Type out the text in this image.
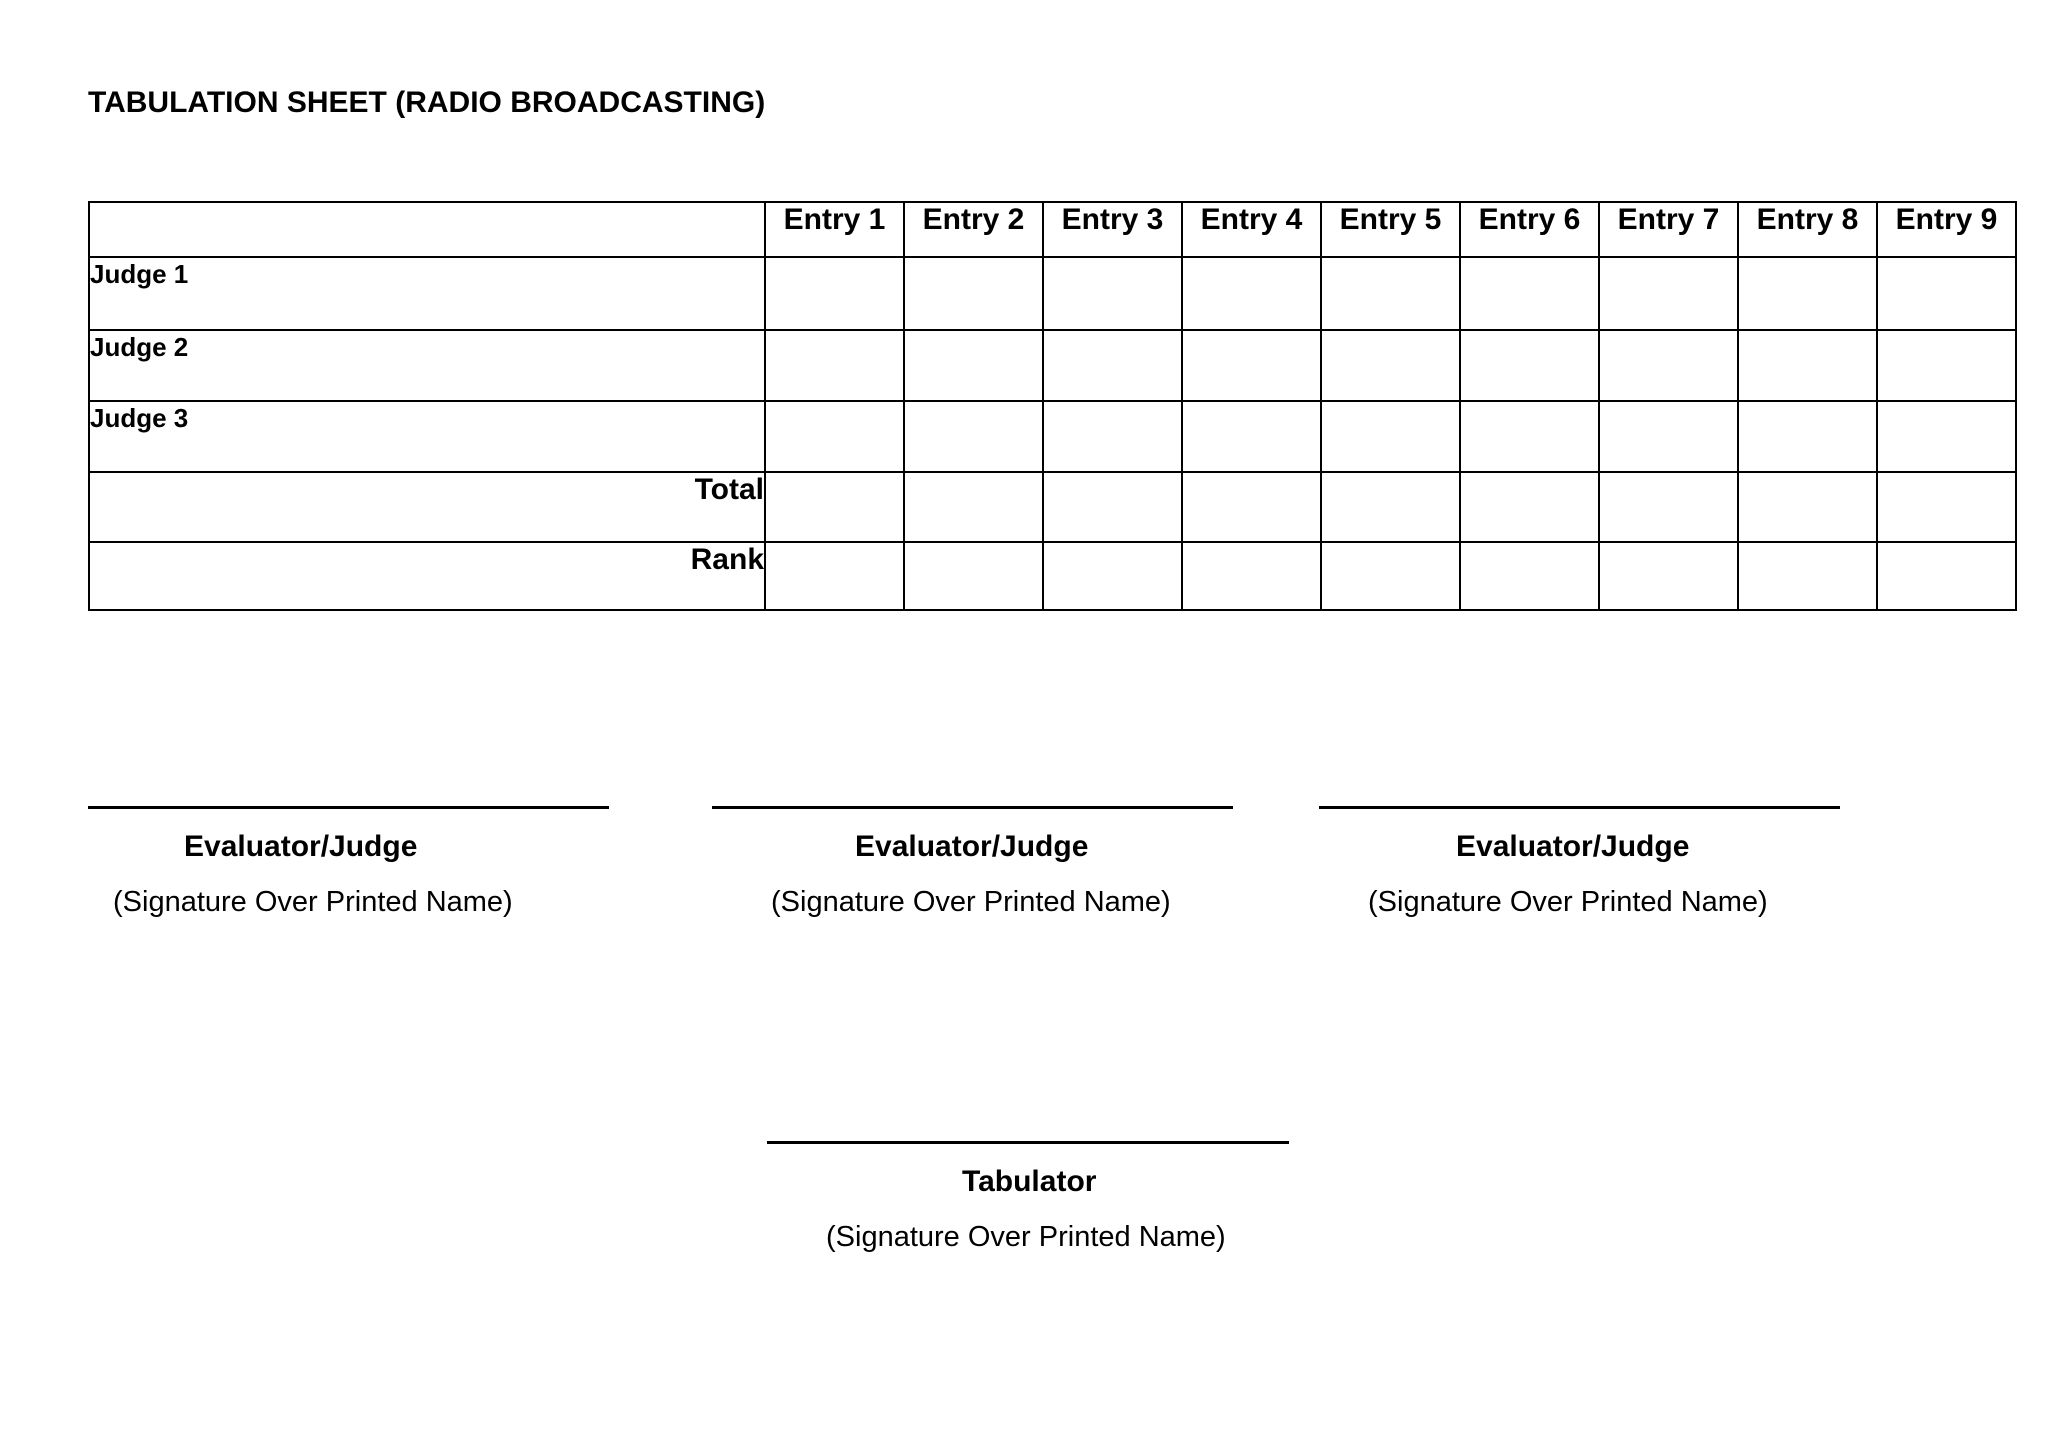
TABULATION SHEET (RADIO BROADCASTING)
	Entry 1	Entry 2	Entry 3	Entry 4	Entry 5	Entry 6	Entry 7	Entry 8	Entry 9
Judge 1									
Judge 2									
Judge 3									
Total									
Rank									
Evaluator/Judge
(Signature Over Printed Name)
Evaluator/Judge
(Signature Over Printed Name)
Evaluator/Judge
(Signature Over Printed Name)
Tabulator
(Signature Over Printed Name)
